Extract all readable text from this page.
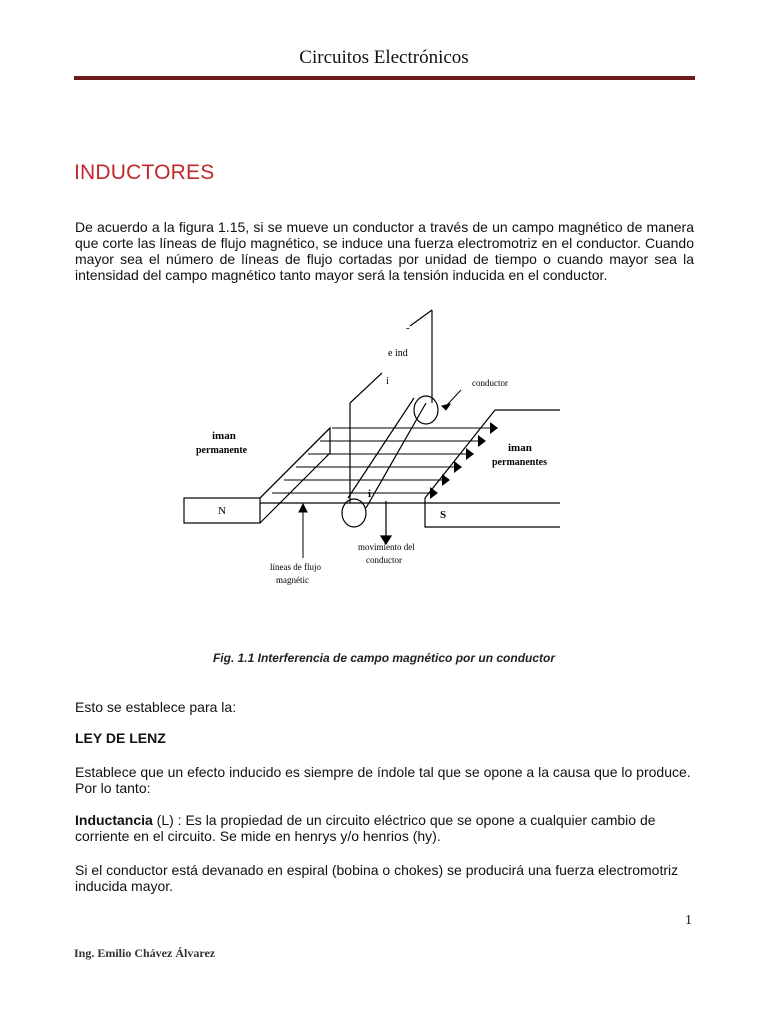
Circuitos Electrónicos
INDUCTORES

De acuerdo a la figura 1.15, si se mueve un conductor a través de un campo magnético de manera que corte las líneas de flujo magnético, se induce una fuerza electromotriz en el conductor. Cuando mayor sea el número de líneas de flujo cortadas por unidad de tiempo o cuando mayor sea la intensidad del campo magnético tanto mayor será la tensión inducida en el conductor.

-
e ind
i	conductor
iman
permanente	iman
permanentes
N	S
i
líneas de flujo
magnétic
movimiento del
conductor
Fig. 1.1 Interferencia de campo magnético por un conductor

Esto se establece para la:

LEY DE LENZ

Establece que un efecto inducido es siempre de índole tal que se opone a la causa que lo produce. Por lo tanto:

Inductancia (L) : Es la propiedad de un circuito eléctrico que se opone a cualquier cambio de corriente en el circuito. Se mide en henrys y/o henrios (hy).

Si el conductor está devanado en espiral (bobina o chokes) se producirá una fuerza electromotriz inducida mayor.

1
Ing. Emilio Chávez Álvarez
